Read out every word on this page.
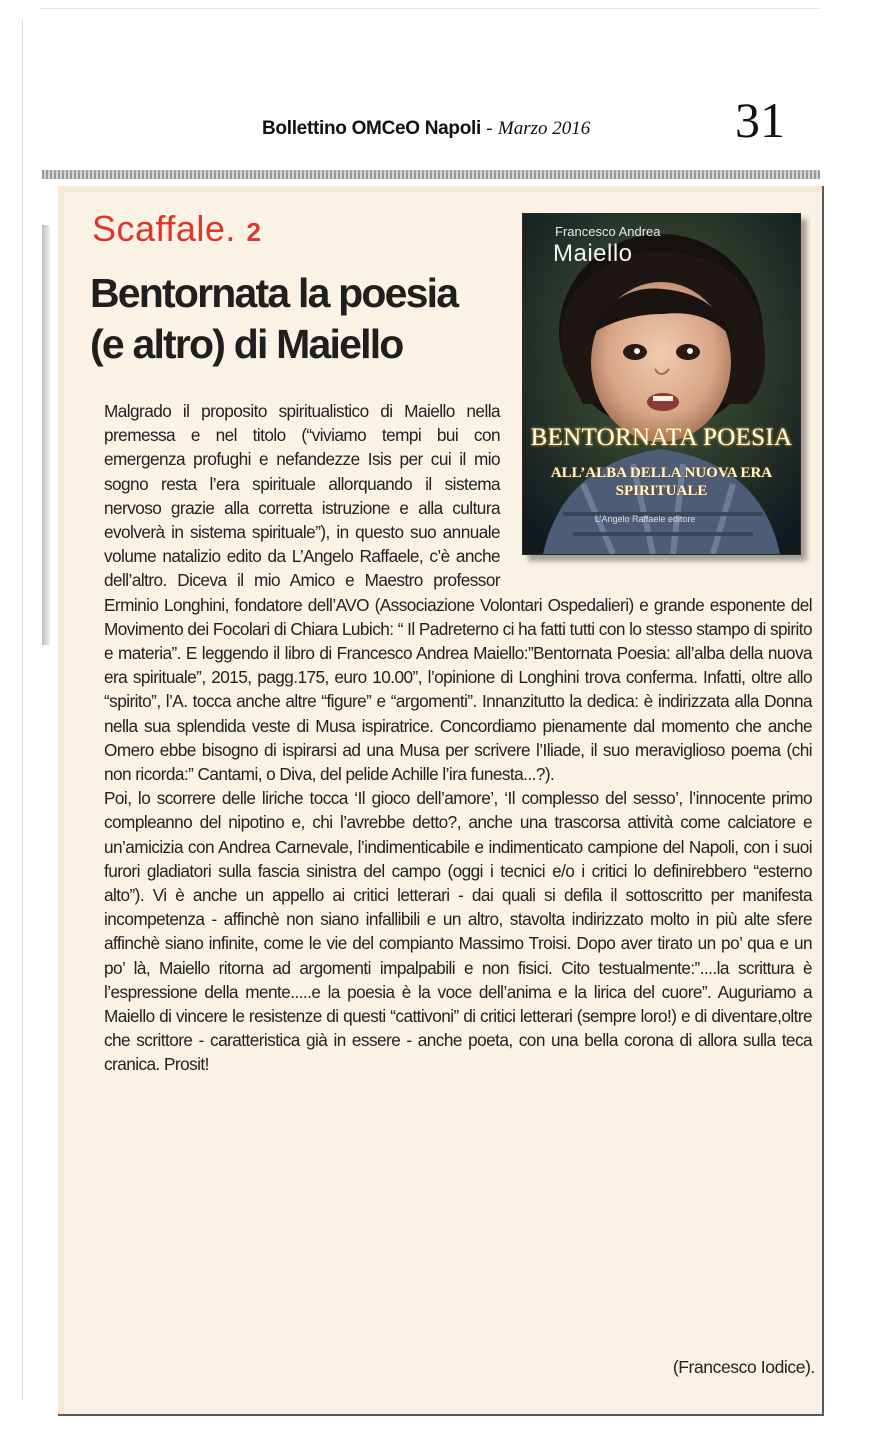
Bollettino OMCeO Napoli - Marzo 2016	31
Scaffale. 2
Bentornata la poesia
(e altro) di Maiello

Malgrado il proposito spiritualistico di Maiello nella premessa e nel titolo (“viviamo tempi bui con emergenza profughi e nefandezze Isis per cui il mio sogno resta l’era spirituale allorquando il sistema nervoso grazie alla corretta istruzione e alla cultura evolverà in sistema spirituale”), in questo suo annuale volume natalizio edito da L’Angelo Raffaele, c’è anche dell’altro. Diceva il mio Amico e Maestro professor Erminio Longhini, fondatore dell’AVO (Associazione Volontari Ospedalieri) e grande esponente del Movimento dei Focolari di Chiara Lubich: “ Il Padreterno ci ha fatti tutti con lo stesso stampo di spirito e materia”. E leggendo il libro di Francesco Andrea Maiello:”Bentornata Poesia: all’alba della nuova era spirituale”, 2015, pagg.175, euro 10.00”, l’opinione di Longhini trova conferma. Infatti, oltre allo “spirito”, l’A. tocca anche altre “figure” e “argomenti”. Innanzitutto la dedica: è indirizzata alla Donna nella sua splendida veste di Musa ispiratrice. Concordiamo pienamente dal momento che anche Omero ebbe bisogno di ispirarsi ad una Musa per scrivere l’Iliade, il suo meraviglioso poema (chi non ricorda:” Cantami, o Diva, del pelide Achille l’ira funesta...?).

Poi, lo scorrere delle liriche tocca ‘Il gioco dell’amore’, ‘Il complesso del sesso’, l’innocente primo compleanno del nipotino e, chi l’avrebbe detto?, anche una trascorsa attività come calciatore e un’amicizia con Andrea Carnevale, l’indimenticabile e indimenticato campione del Napoli, con i suoi furori gladiatori sulla fascia sinistra del campo (oggi i tecnici e/o i critici lo definirebbero “esterno alto”). Vi è anche un appello ai critici letterari - dai quali si defila il sottoscritto per manifesta incompetenza - affinchè non siano infallibili e un altro, stavolta indirizzato molto in più alte sfere affinchè siano infinite, come le vie del compianto Massimo Troisi. Dopo aver tirato un po’ qua e un po’ là, Maiello ritorna ad argomenti impalpabili e non fisici. Cito testualmente:”....la scrittura è l’espressione della mente.....e la poesia è la voce dell’anima e la lirica del cuore”. Auguriamo a Maiello di vincere le resistenze di questi “cattivoni” di critici letterari (sempre loro!) e di diventare,oltre che scrittore - caratteristica già in essere - anche poeta, con una bella corona di allora sulla teca cranica. Prosit!

(Francesco Iodice).
Francesco Andrea
Maiello
BENTORNATA POESIA
ALL’ALBA DELLA NUOVA ERA
SPIRITUALE
L’Angelo Raffaele editore
